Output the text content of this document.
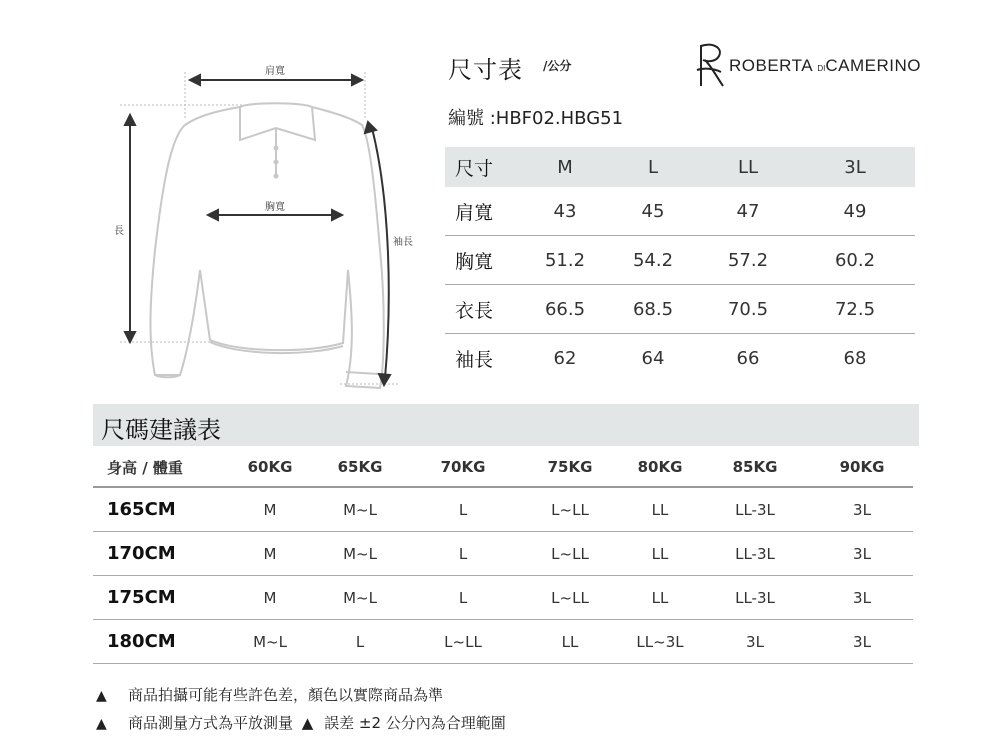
肩寬
胸寬
長
袖長
尺寸表 /公分
編號 :HBF02.HBG51
ROBERTA DICAMERINO
尺寸	M	L	LL	3L
肩寬	43	45	47	49
胸寬	51.2	54.2	57.2	60.2
衣長	66.5	68.5	70.5	72.5
袖長	62	64	66	68
尺碼建議表
身高 / 體重	60KG	65KG	70KG	75KG	80KG	85KG	90KG
165CM	M	M~L	L	L~LL	LL	LL-3L	3L
170CM	M	M~L	L	L~LL	LL	LL-3L	3L
175CM	M	M~L	L	L~LL	LL	LL-3L	3L
180CM	M~L	L	L~LL	LL	LL~3L	3L	3L
▲ 商品拍攝可能有些許色差，顏色以實際商品為準
▲ 商品測量方式為平放測量 ▲ 誤差 ±2 公分內為合理範圍
